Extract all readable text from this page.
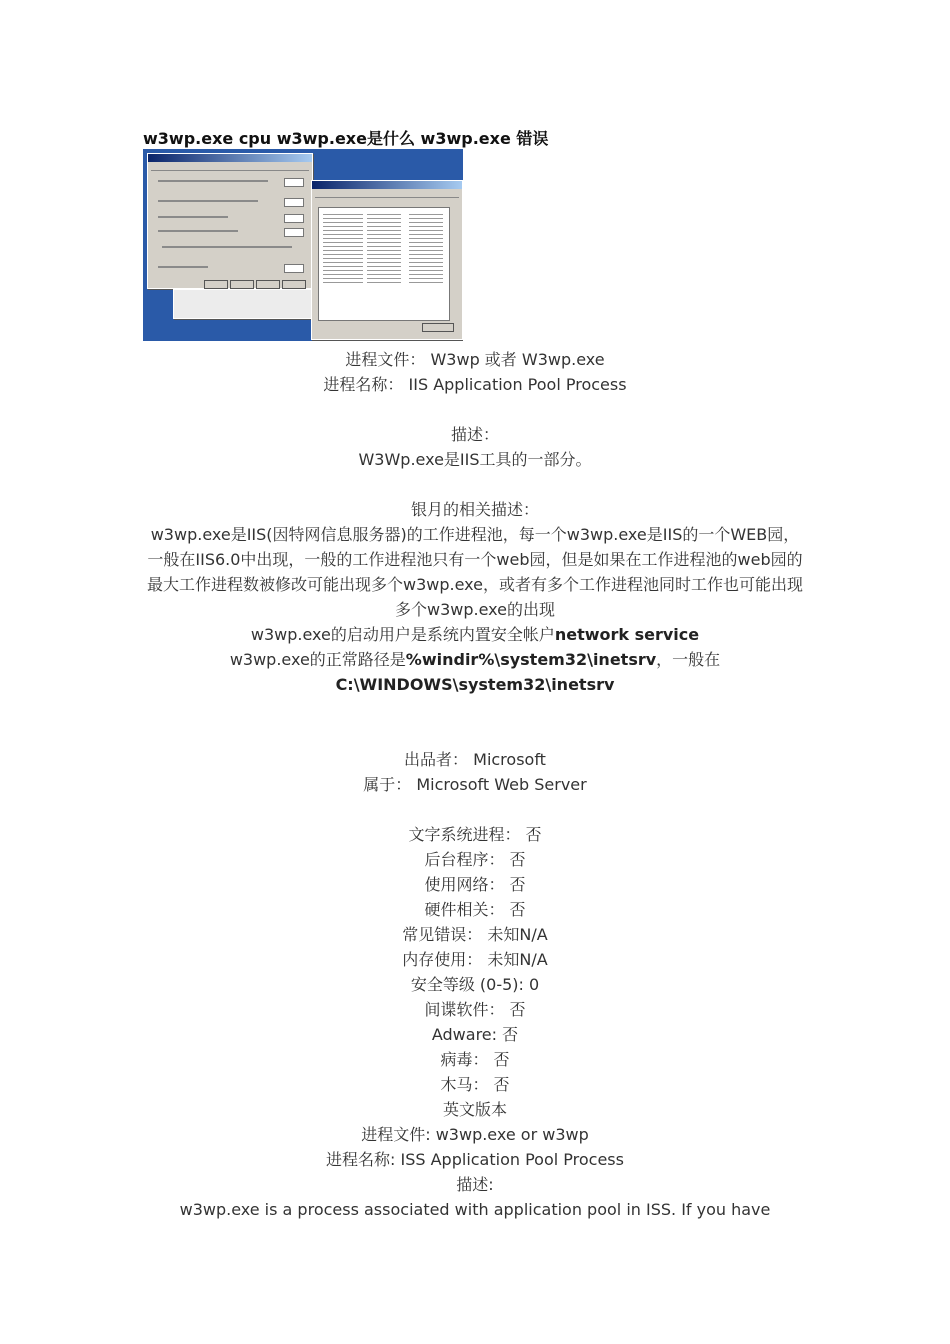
w3wp.exe cpu w3wp.exe是什么 w3wp.exe 错误

进程文件： W3wp 或者 W3wp.exe

进程名称： IIS Application Pool Process

描述：

W3Wp.exe是IIS工具的一部分。

银月的相关描述：

w3wp.exe是IIS(因特网信息服务器)的工作进程池，每一个w3wp.exe是IIS的一个WEB园，一般在IIS6.0中出现，一般的工作进程池只有一个web园，但是如果在工作进程池的web园的最大工作进程数被修改可能出现多个w3wp.exe，或者有多个工作进程池同时工作也可能出现多个w3wp.exe的出现

w3wp.exe的启动用户是系统内置安全帐户network service

w3wp.exe的正常路径是%windir%\system32\inetsrv，一般在C:\WINDOWS\system32\inetsrv

出品者： Microsoft

属于： Microsoft Web Server

文字系统进程： 否

后台程序： 否

使用网络： 否

硬件相关： 否

常见错误： 未知N/A

内存使用： 未知N/A

安全等级 (0-5): 0

间谍软件： 否

Adware: 否

病毒： 否

木马： 否

英文版本

进程文件: w3wp.exe or w3wp

进程名称: ISS Application Pool Process

描述:

w3wp.exe is a process associated with application pool in ISS. If you have
